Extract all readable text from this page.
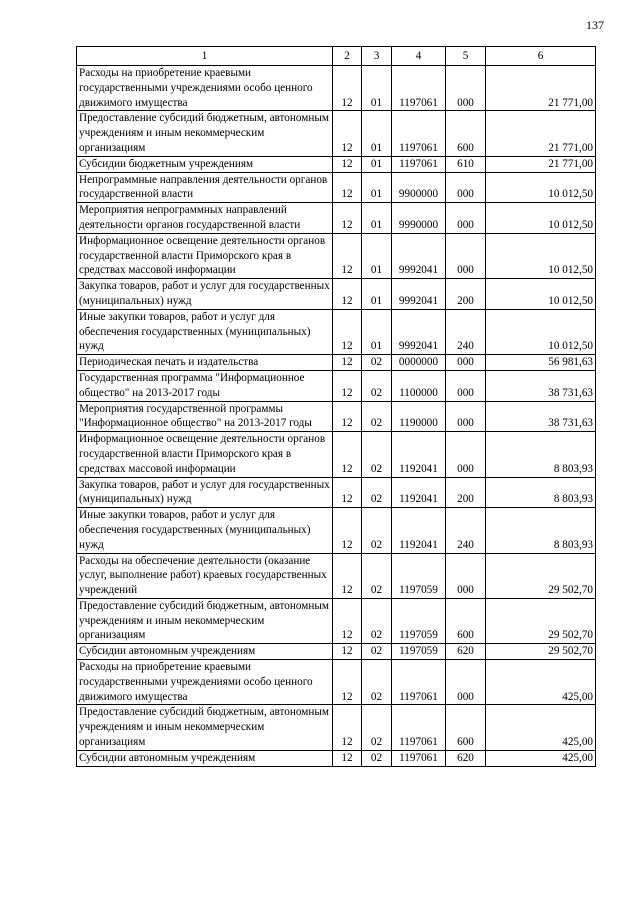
137
1	2	3	4	5	6
Расходы на приобретение краевыми государственными учреждениями особо ценного движимого имущества	12	01	1197061	000	21 771,00
Предоставление субсидий бюджетным, автономным учреждениям и иным некоммерческим организациям	12	01	1197061	600	21 771,00
Субсидии бюджетным учреждениям	12	01	1197061	610	21 771,00
Непрограммные направления деятельности органов государственной власти	12	01	9900000	000	10 012,50
Мероприятия непрограммных направлений деятельности органов государственной власти	12	01	9990000	000	10 012,50
Информационное освещение деятельности органов государственной власти Приморского края в средствах массовой информации	12	01	9992041	000	10 012,50
Закупка товаров, работ и услуг для государственных (муниципальных) нужд	12	01	9992041	200	10 012,50
Иные закупки товаров, работ и услуг для обеспечения государственных (муниципальных) нужд	12	01	9992041	240	10 012,50
Периодическая печать и издательства	12	02	0000000	000	56 981,63
Государственная программа "Информационное общество" на 2013-2017 годы	12	02	1100000	000	38 731,63
Мероприятия государственной программы "Информационное общество" на 2013-2017 годы	12	02	1190000	000	38 731,63
Информационное освещение деятельности органов государственной власти Приморского края в средствах массовой информации	12	02	1192041	000	8 803,93
Закупка товаров, работ и услуг для государственных (муниципальных) нужд	12	02	1192041	200	8 803,93
Иные закупки товаров, работ и услуг для обеспечения государственных (муниципальных) нужд	12	02	1192041	240	8 803,93
Расходы на обеспечение деятельности (оказание услуг, выполнение работ) краевых государственных учреждений	12	02	1197059	000	29 502,70
Предоставление субсидий бюджетным, автономным учреждениям и иным некоммерческим организациям	12	02	1197059	600	29 502,70
Субсидии автономным учреждениям	12	02	1197059	620	29 502,70
Расходы на приобретение краевыми государственными учреждениями особо ценного движимого имущества	12	02	1197061	000	425,00
Предоставление субсидий бюджетным, автономным учреждениям и иным некоммерческим организациям	12	02	1197061	600	425,00
Субсидии автономным учреждениям	12	02	1197061	620	425,00
